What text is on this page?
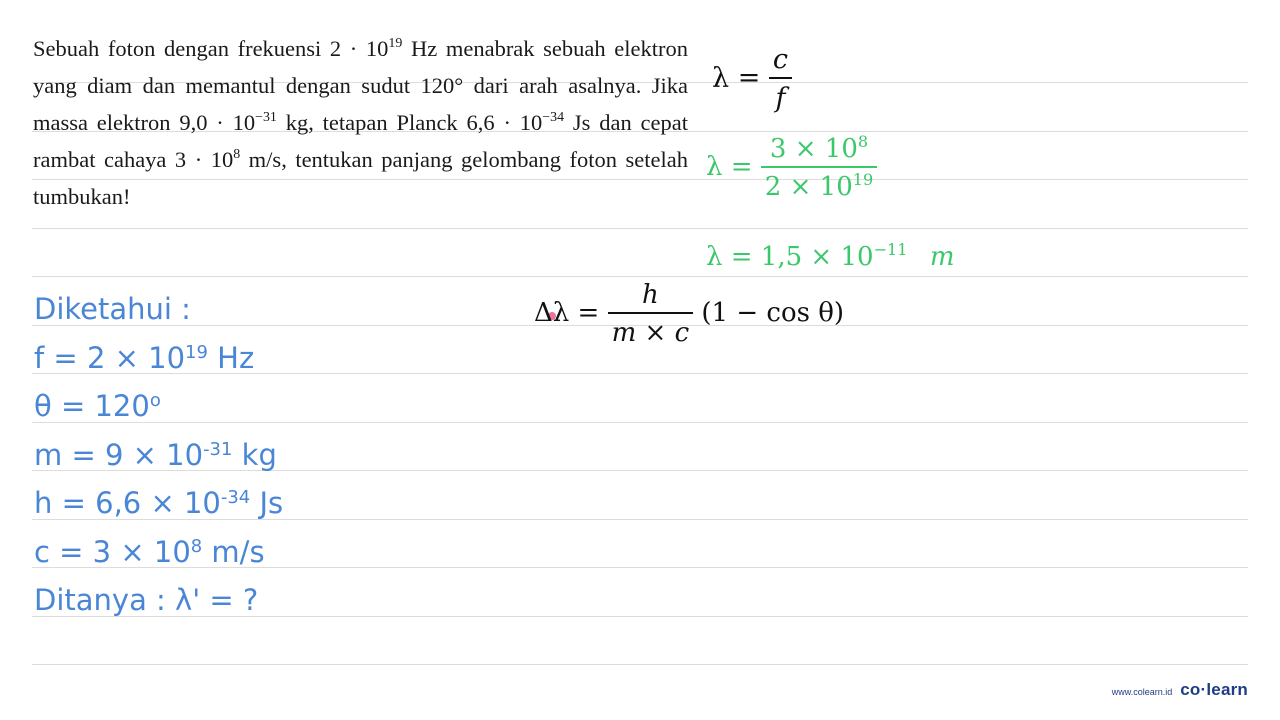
Sebuah foton dengan frekuensi $2 \cdot 10^{19}$ Hz menabrak sebuah elektron yang diam dan memantul dengan sudut 120° dari arah asalnya. Jika massa elektron $9,0 \cdot 10^{-31}$ kg, tetapan Planck $6,6 \cdot 10^{-34}$ Js dan cepat rambat cahaya $3 \cdot 10^8$ m/s, tentukan panjang gelombang foton setelah tumbukan!

Diketahui :
$f = 2 \times 10^{19}$ Hz
$\theta = 120^o$
$m = 9 \times 10^{-31}$ kg
$h = 6,6 \times 10^{-34}$ Js
$c = 3 \times 10^8$ m/s
Ditanya : λ' = ?
$\lambda = \frac{c}{f}$
$\lambda = \frac{3 \times 10^8}{2 \times 10^{19}}$
$\lambda = 1,5 \times 10^{-11}$ m
$\Delta\lambda = \frac{h}{m \times c} (1 - \cos \theta)$
www.colearn.id co·learn
